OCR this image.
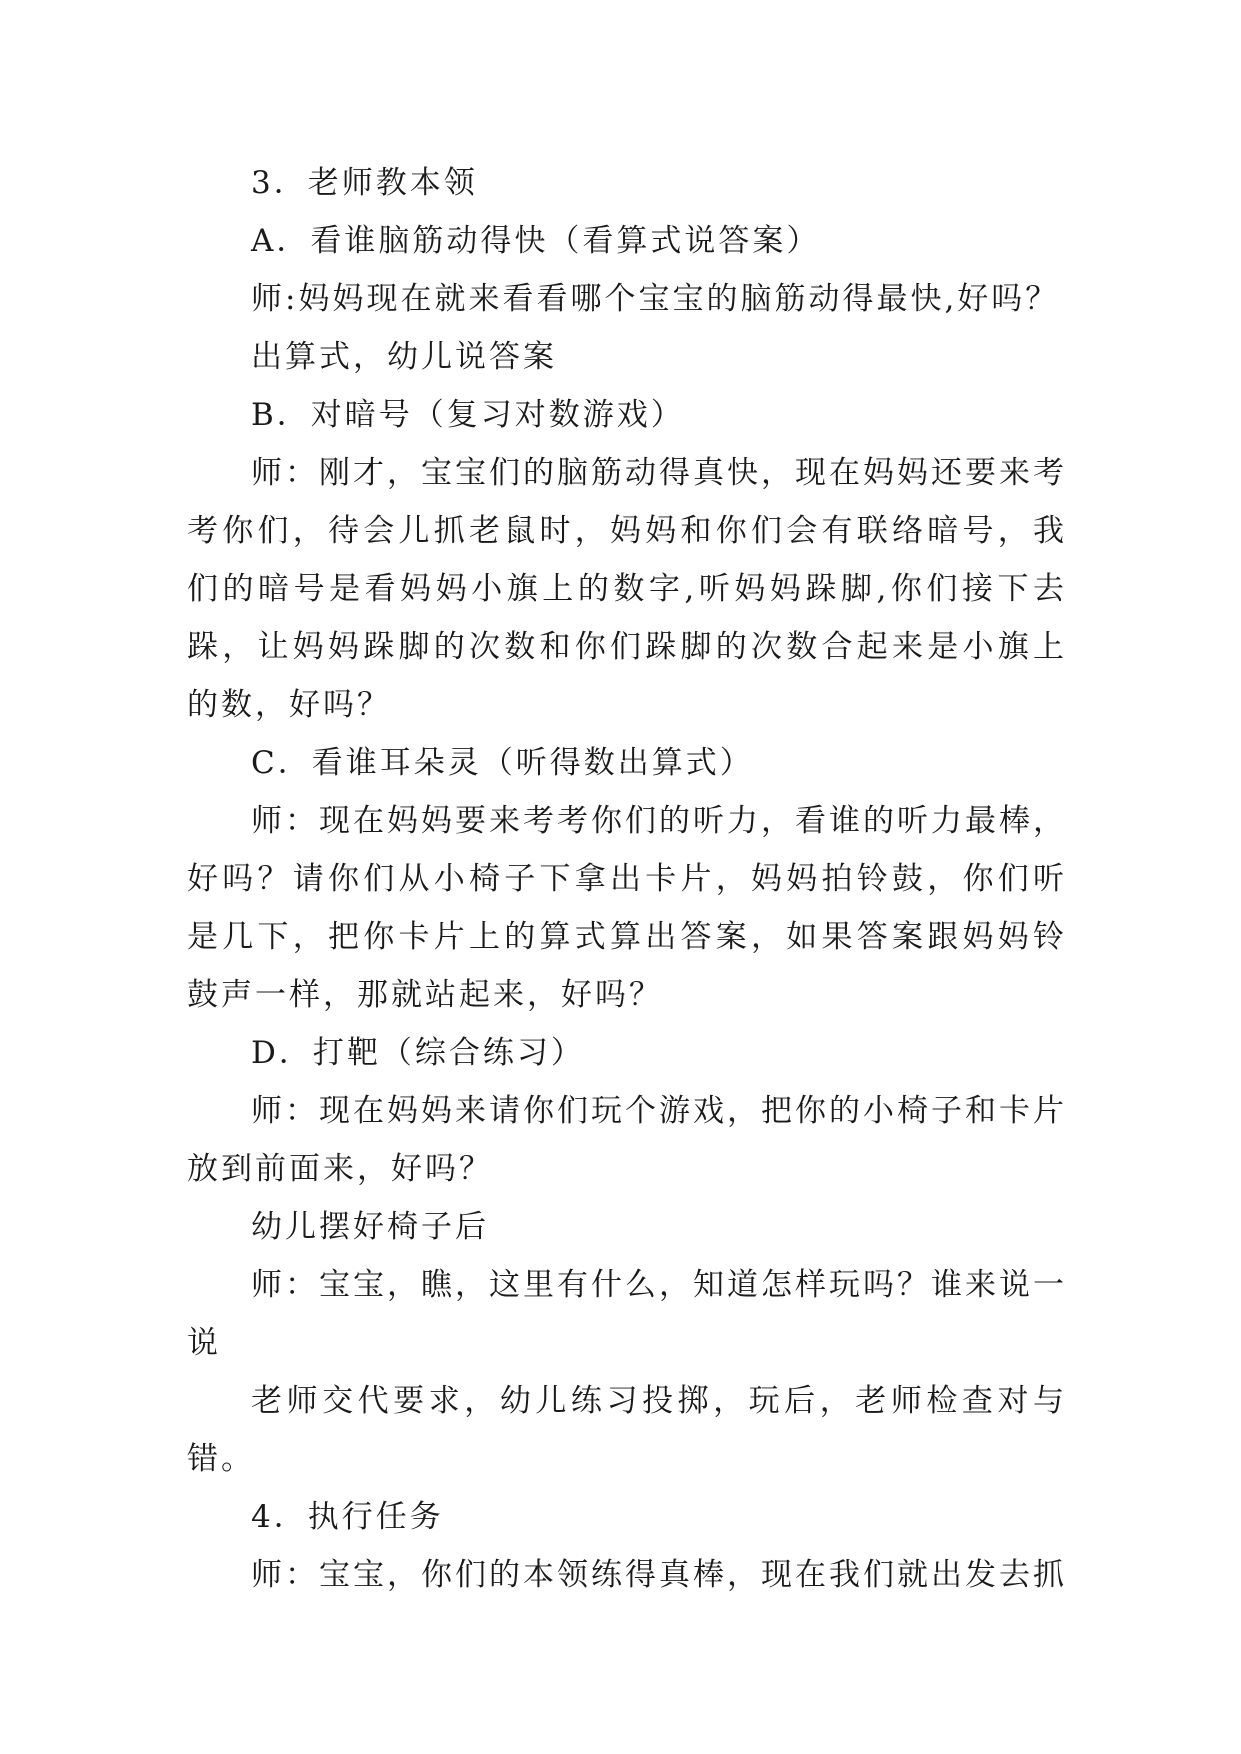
3．老师教本领

A．看谁脑筋动得快（看算式说答案）

师:妈妈现在就来看看哪个宝宝的脑筋动得最快,好吗？

出算式，幼儿说答案

B．对暗号（复习对数游戏）

师：刚才，宝宝们的脑筋动得真快，现在妈妈还要来考考你们，待会儿抓老鼠时，妈妈和你们会有联络暗号，我们的暗号是看妈妈小旗上的数字,听妈妈跺脚,你们接下去跺，让妈妈跺脚的次数和你们跺脚的次数合起来是小旗上的数，好吗？

C．看谁耳朵灵（听得数出算式）

师：现在妈妈要来考考你们的听力，看谁的听力最棒，好吗？请你们从小椅子下拿出卡片，妈妈拍铃鼓，你们听是几下，把你卡片上的算式算出答案，如果答案跟妈妈铃鼓声一样，那就站起来，好吗？

D．打靶（综合练习）

师：现在妈妈来请你们玩个游戏，把你的小椅子和卡片放到前面来，好吗？

幼儿摆好椅子后

师：宝宝，瞧，这里有什么，知道怎样玩吗？谁来说一说

老师交代要求，幼儿练习投掷，玩后，老师检查对与错。

4．执行任务

师：宝宝，你们的本领练得真棒，现在我们就出发去抓
